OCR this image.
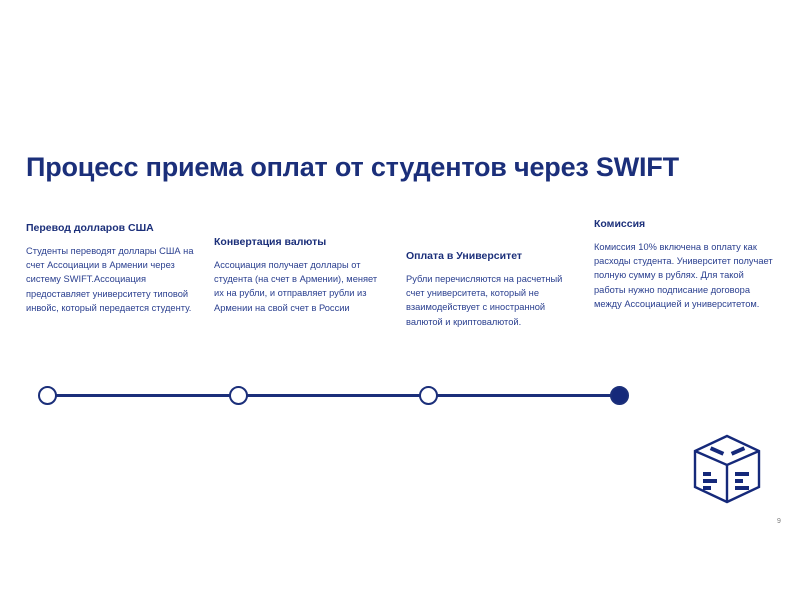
Процесс приема оплат от студентов через SWIFT
Перевод долларов США
Студенты переводят доллары США на счет Ассоциации в Армении через систему SWIFT.Ассоциация предоставляет университету типовой инвойс, который передается студенту.
Конвертация валюты
Ассоциация получает доллары от студента (на счет в Армении), меняет их на рубли, и отправляет рубли из Армении на свой счет в России
Оплата в Университет
Рубли перечисляются на расчетный счет университета, который не взаимодействует с иностранной валютой и криптовалютой.
Комиссия
Комиссия 10% включена в оплату как расходы студента. Университет получает полную сумму в рублях. Для такой работы нужно подписание договора между Ассоциацией и университетом.
9
